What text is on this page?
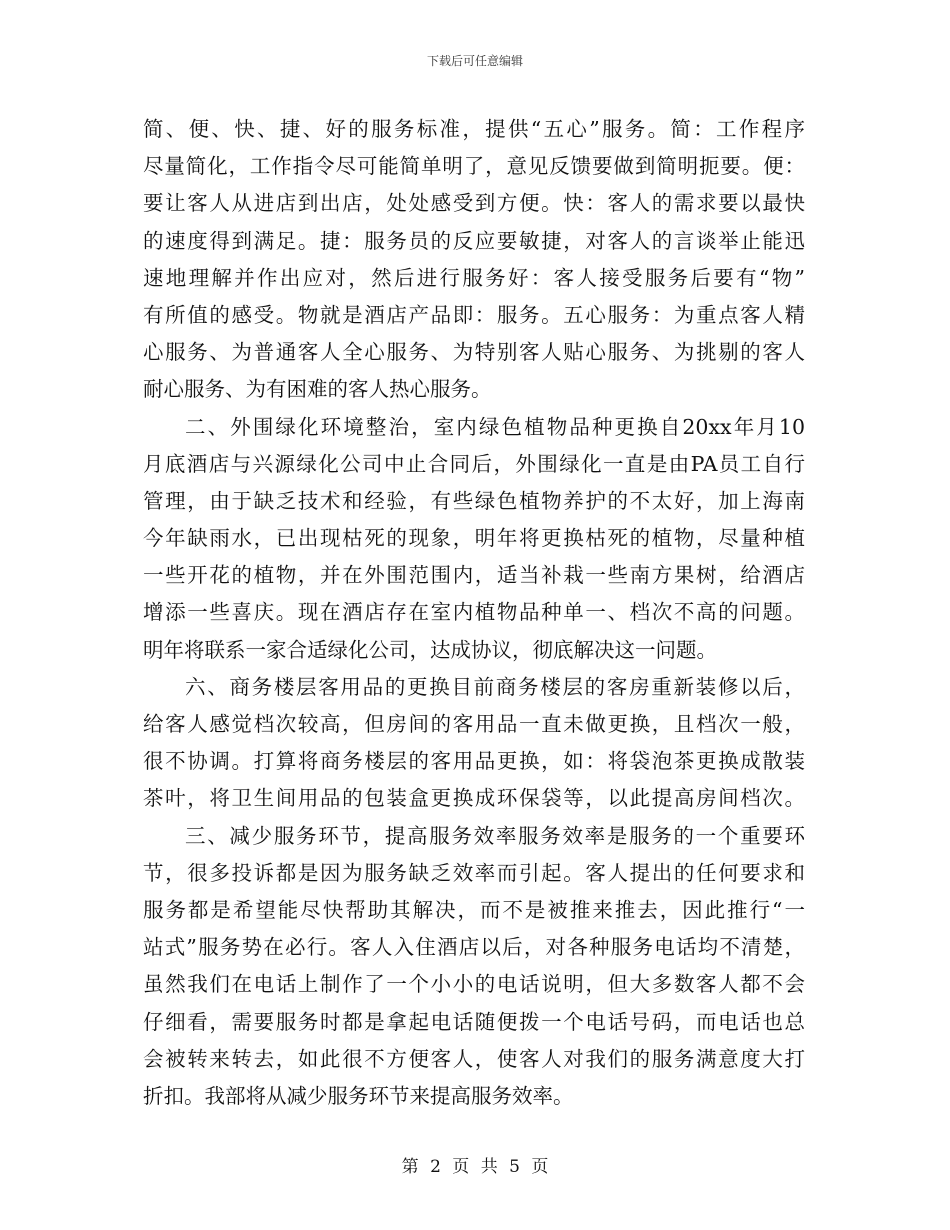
下载后可任意编辑
简、便、快、捷、好的服务标准，提供“五心”服务。简：工作程序
尽量简化，工作指令尽可能简单明了，意见反馈要做到简明扼要。便：
要让客人从进店到出店，处处感受到方便。快：客人的需求要以最快
的速度得到满足。捷：服务员的反应要敏捷，对客人的言谈举止能迅
速地理解并作出应对，然后进行服务好：客人接受服务后要有“物”
有所值的感受。物就是酒店产品即：服务。五心服务：为重点客人精
心服务、为普通客人全心服务、为特别客人贴心服务、为挑剔的客人
耐心服务、为有困难的客人热心服务。
二、外围绿化环境整治，室内绿色植物品种更换自20xx年月10
月底酒店与兴源绿化公司中止合同后，外围绿化一直是由PA员工自行
管理，由于缺乏技术和经验，有些绿色植物养护的不太好，加上海南
今年缺雨水，已出现枯死的现象，明年将更换枯死的植物，尽量种植
一些开花的植物，并在外围范围内，适当补栽一些南方果树，给酒店
增添一些喜庆。现在酒店存在室内植物品种单一、档次不高的问题。
明年将联系一家合适绿化公司，达成协议，彻底解决这一问题。
六、商务楼层客用品的更换目前商务楼层的客房重新装修以后，
给客人感觉档次较高，但房间的客用品一直未做更换，且档次一般，
很不协调。打算将商务楼层的客用品更换，如：将袋泡茶更换成散装
茶叶，将卫生间用品的包装盒更换成环保袋等，以此提高房间档次。
三、减少服务环节，提高服务效率服务效率是服务的一个重要环
节，很多投诉都是因为服务缺乏效率而引起。客人提出的任何要求和
服务都是希望能尽快帮助其解决，而不是被推来推去，因此推行“一
站式”服务势在必行。客人入住酒店以后，对各种服务电话均不清楚，
虽然我们在电话上制作了一个小小的电话说明，但大多数客人都不会
仔细看，需要服务时都是拿起电话随便拨一个电话号码，而电话也总
会被转来转去，如此很不方便客人，使客人对我们的服务满意度大打
折扣。我部将从减少服务环节来提高服务效率。
第 2 页 共 5 页
